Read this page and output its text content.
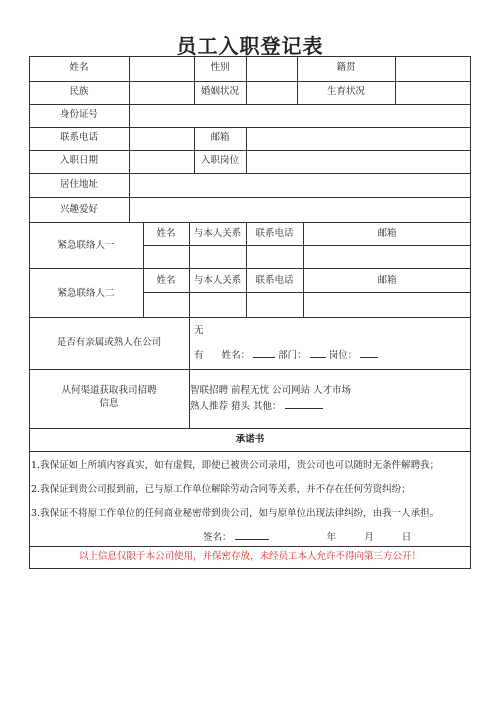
员工入职登记表
姓名	性别	籍贯
民族	婚姻状况	生育状况
身份证号
联系电话	邮箱
入职日期	入职岗位
居住地址
兴趣爱好
紧急联络人一
姓名	与本人关系	联系电话	邮箱
紧急联络人二
姓名	与本人关系	联系电话	邮箱
是否有亲属或熟人在公司
无
有 姓名：	部门： 岗位：
从何渠道获取我司招聘
信息
智联招聘 前程无忧 公司网站 人才市场
熟人推荐 猎头 其他：
承诺书
1.我保证如上所填内容真实，如有虚假，即使已被贵公司录用，贵公司也可以随时无条件解聘我；
2.我保证到贵公司报到前，已与原工作单位解除劳动合同等关系，并不存在任何劳资纠纷；
3.我保证不将原工作单位的任何商业秘密带到贵公司，如与原单位出现法律纠纷，由我一人承担。
签名：	年	月	日
以上信息仅限于本公司使用，并保密存放，未经员工本人允许不得向第三方公开！
